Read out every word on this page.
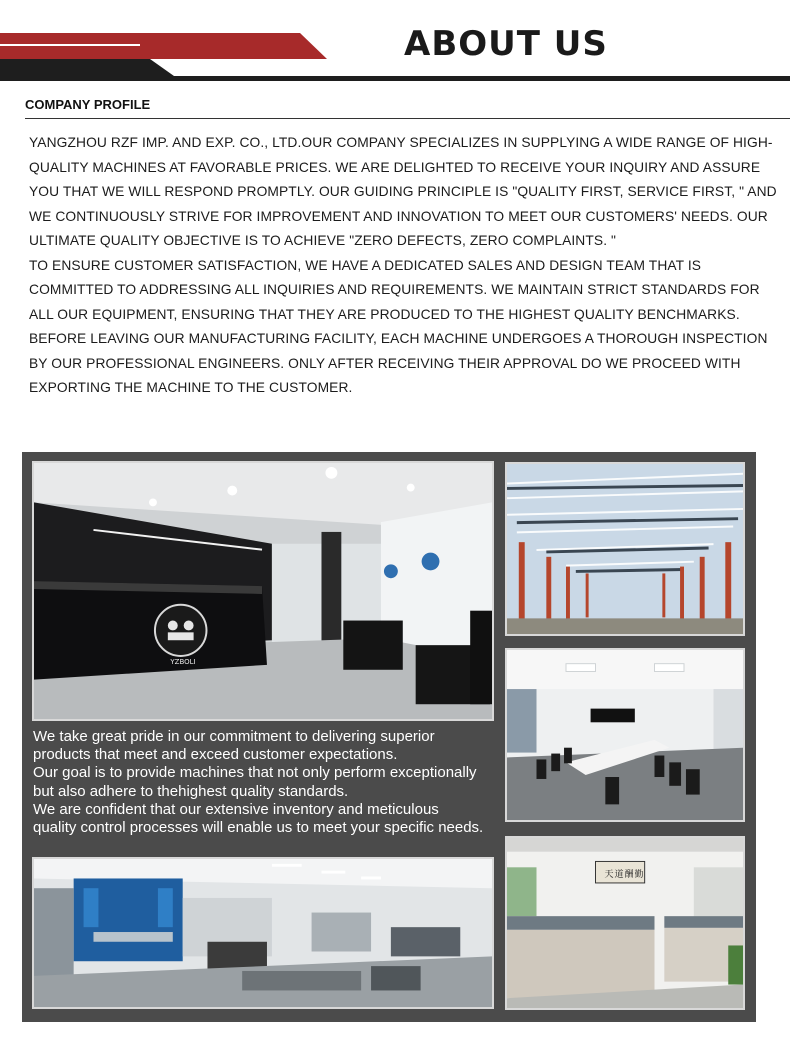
ABOUT US
COMPANY PROFILE

YANGZHOU RZF IMP. AND EXP. CO., LTD.OUR COMPANY SPECIALIZES IN SUPPLYING A WIDE RANGE OF HIGH-QUALITY MACHINES AT FAVORABLE PRICES. WE ARE DELIGHTED TO RECEIVE YOUR INQUIRY AND ASSURE YOU THAT WE WILL RESPOND PROMPTLY. OUR GUIDING PRINCIPLE IS "QUALITY FIRST, SERVICE FIRST, " AND WE CONTINUOUSLY STRIVE FOR IMPROVEMENT AND INNOVATION TO MEET OUR CUSTOMERS' NEEDS. OUR ULTIMATE QUALITY OBJECTIVE IS TO ACHIEVE "ZERO DEFECTS, ZERO COMPLAINTS. "

TO ENSURE CUSTOMER SATISFACTION, WE HAVE A DEDICATED SALES AND DESIGN TEAM THAT IS COMMITTED TO ADDRESSING ALL INQUIRIES AND REQUIREMENTS. WE MAINTAIN STRICT STANDARDS FOR ALL OUR EQUIPMENT, ENSURING THAT THEY ARE PRODUCED TO THE HIGHEST QUALITY BENCHMARKS. BEFORE LEAVING OUR MANUFACTURING FACILITY, EACH MACHINE UNDERGOES A THOROUGH INSPECTION BY OUR PROFESSIONAL ENGINEERS. ONLY AFTER RECEIVING THEIR APPROVAL DO WE PROCEED WITH EXPORTING THE MACHINE TO THE CUSTOMER.

YZBOLI
天道酬勤
We take great pride in our commitment to delivering superior
products that meet and exceed customer expectations.
Our goal is to provide machines that not only perform exceptionally
but also adhere to thehighest quality standards.
We are confident that our extensive inventory and meticulous
quality control processes will enable us to meet your specific needs.
